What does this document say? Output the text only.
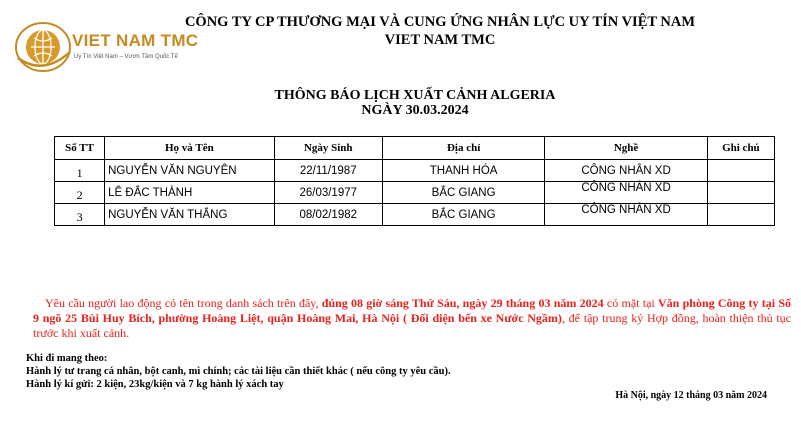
VIET NAM TMC
Uy Tín Việt Nam – Vươn Tầm Quốc Tế
CÔNG TY CP THƯƠNG MẠI VÀ CUNG ỨNG NHÂN LỰC UY TÍN VIỆT NAM
VIET NAM TMC
THÔNG BÁO LỊCH XUẤT CẢNH ALGERIA
NGÀY 30.03.2024
Số TT	Họ và Tên	Ngày Sinh	Địa chỉ	Nghề	Ghi chú
1	NGUYỄN VĂN NGUYÊN	22/11/1987	THANH HÓA	CÔNG NHÂN XD	
2	LÊ ĐẮC THÀNH	26/03/1977	BẮC GIANG	CÔNG NHÂN XD	
3	NGUYỄN VĂN THẮNG	08/02/1982	BẮC GIANG	CÔNG NHÂN XD	
Yêu cầu người lao động có tên trong danh sách trên đây, đúng 08 giờ sáng Thứ Sáu, ngày 29 tháng 03 năm 2024 có mặt tại Văn phòng Công ty tại Số 9 ngõ 25 Bùi Huy Bích, phường Hoàng Liệt, quận Hoàng Mai, Hà Nội ( Đối diện bến xe Nước Ngầm), để tập trung ký Hợp đồng, hoàn thiện thủ tục trước khi xuất cảnh.
Khi đi mang theo:
Hành lý tư trang cá nhân, bột canh, mì chính; các tài liệu cần thiết khác ( nếu công ty yêu cầu).
Hành lý kí gửi: 2 kiện, 23kg/kiện và 7 kg hành lý xách tay
Hà Nội, ngày 12 tháng 03 năm 2024
